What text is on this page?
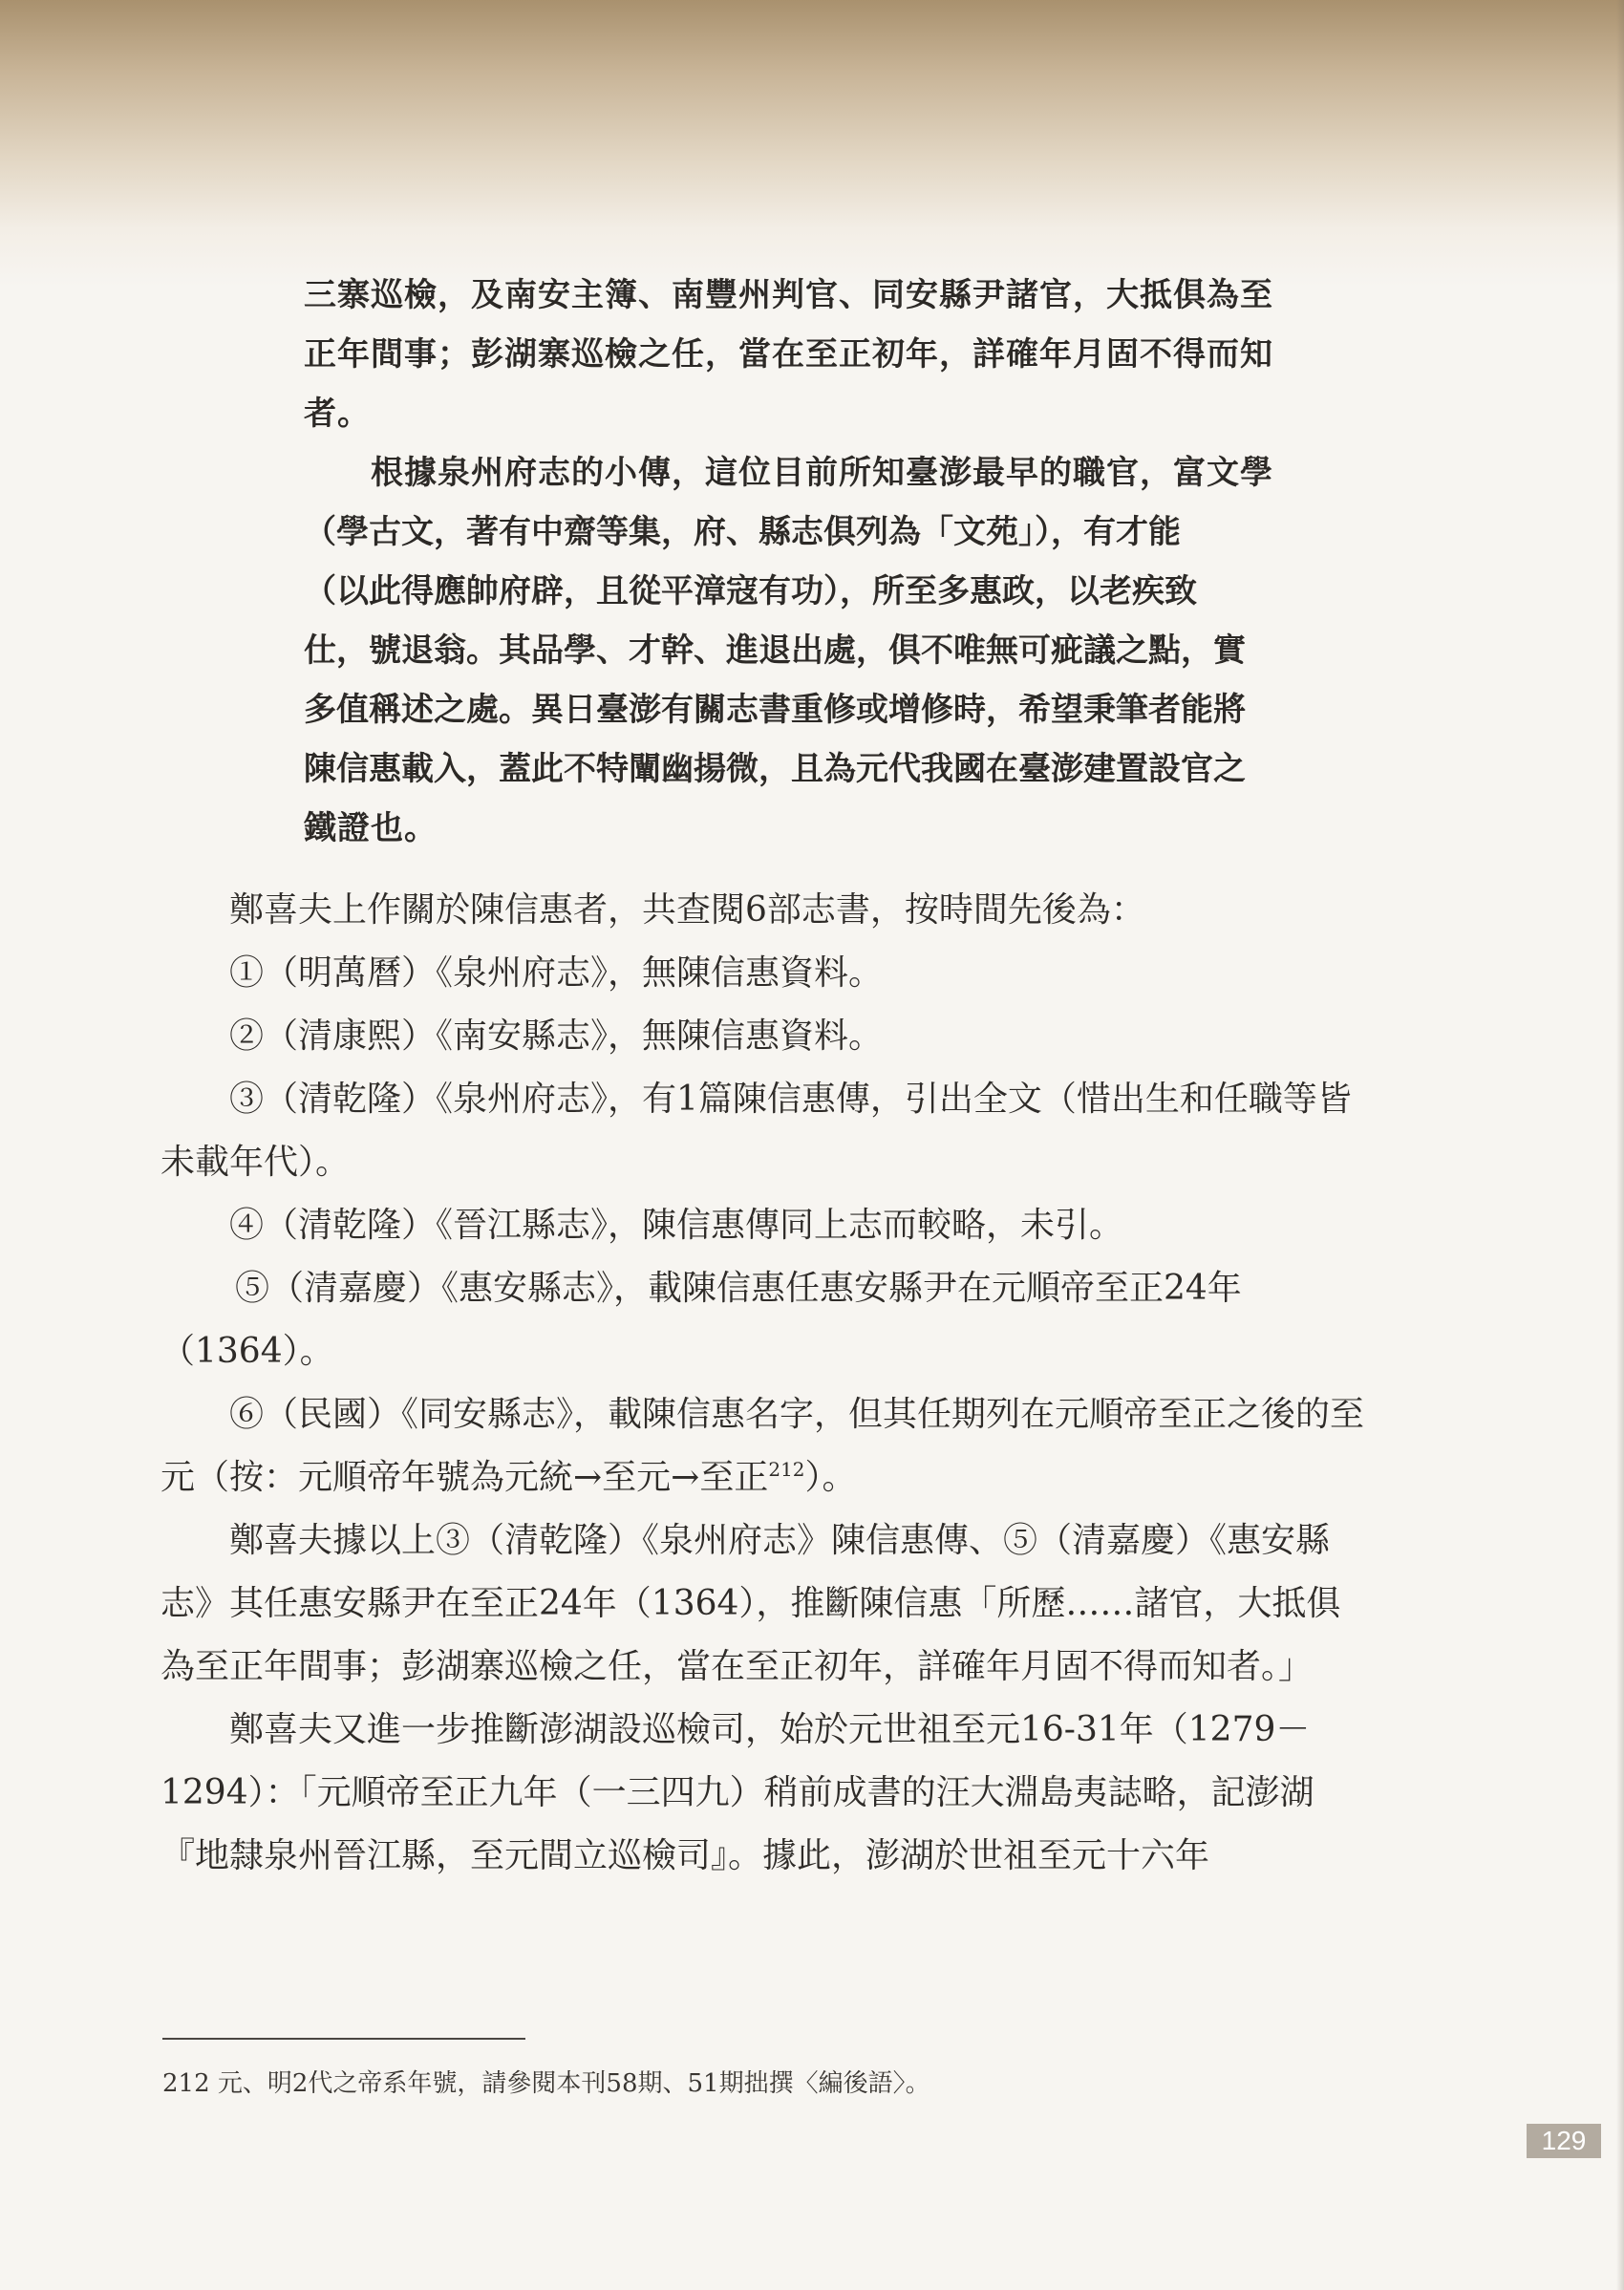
三寨巡檢，及南安主簿、南豐州判官、同安縣尹諸官，大抵俱為至

正年間事；彭湖寨巡檢之任，當在至正初年，詳確年月固不得而知

者。

根據泉州府志的小傳，這位目前所知臺澎最早的職官，富文學

（學古文，著有中齋等集，府、縣志俱列為「文苑」），有才能

（以此得應帥府辟，且從平漳寇有功），所至多惠政，以老疾致

仕，號退翁。其品學、才幹、進退出處，俱不唯無可疵議之點，實

多值稱述之處。異日臺澎有關志書重修或增修時，希望秉筆者能將

陳信惠載入，蓋此不特闡幽揚微，且為元代我國在臺澎建置設官之

鐵證也。

鄭喜夫上作關於陳信惠者，共查閱6部志書，按時間先後為：

①（明萬曆）《泉州府志》，無陳信惠資料。

②（清康熙）《南安縣志》，無陳信惠資料。

③（清乾隆）《泉州府志》，有1篇陳信惠傳，引出全文（惜出生和任職等皆未載年代）。

④（清乾隆）《晉江縣志》，陳信惠傳同上志而較略，未引。

⑤（清嘉慶）《惠安縣志》，載陳信惠任惠安縣尹在元順帝至正24年（1364）。

⑥（民國）《同安縣志》，載陳信惠名字，但其任期列在元順帝至正之後的至元（按：元順帝年號為元統→至元→至正$^{212}$）。

鄭喜夫據以上③（清乾隆）《泉州府志》陳信惠傳、⑤（清嘉慶）《惠安縣志》其任惠安縣尹在至正24年（1364），推斷陳信惠「所歷……諸官，大抵俱為至正年間事；彭湖寨巡檢之任，當在至正初年，詳確年月固不得而知者。」

鄭喜夫又進一步推斷澎湖設巡檢司，始於元世祖至元16-31年（1279－1294）：「元順帝至正九年（一三四九）稍前成書的汪大淵島夷誌略，記澎湖『地隸泉州晉江縣，至元間立巡檢司』。據此，澎湖於世祖至元十六年

212 元、明2代之帝系年號，請參閱本刊58期、51期拙撰〈編後語〉。
129
